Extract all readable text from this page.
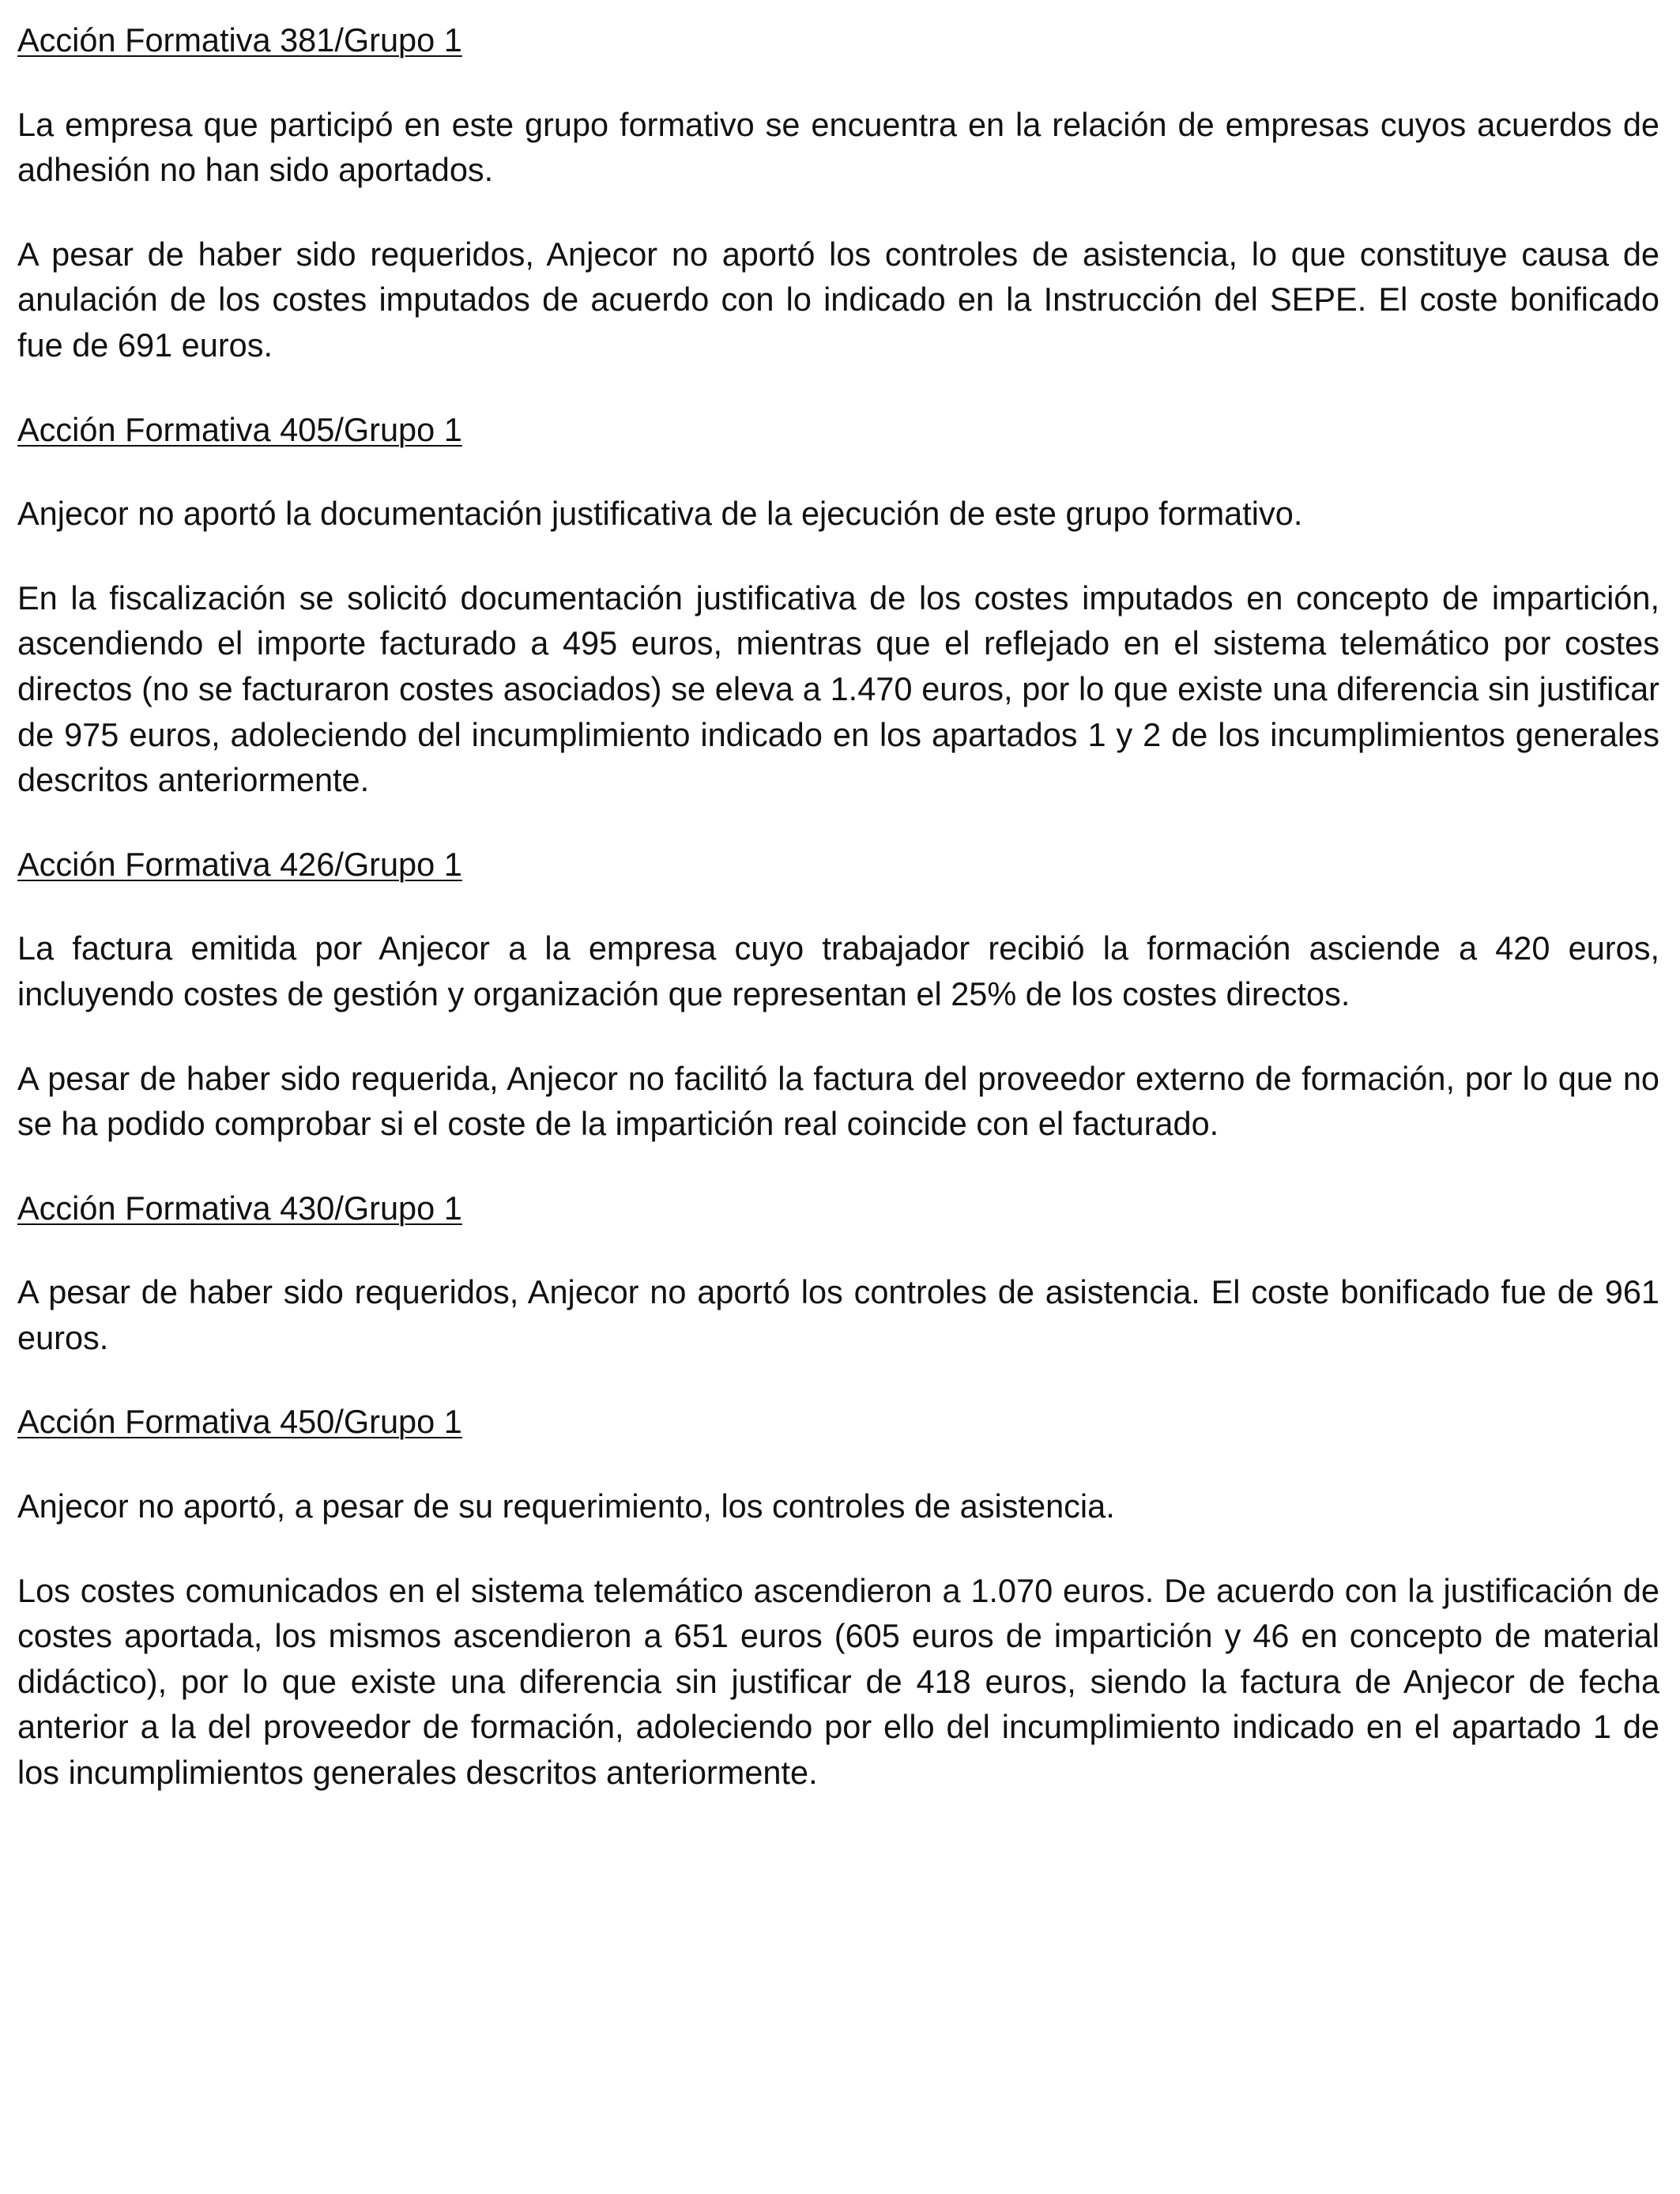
Acción Formativa 381/Grupo 1

La empresa que participó en este grupo formativo se encuentra en la relación de empresas cuyos acuerdos de adhesión no han sido aportados.

A pesar de haber sido requeridos, Anjecor no aportó los controles de asistencia, lo que constituye causa de anulación de los costes imputados de acuerdo con lo indicado en la Instrucción del SEPE. El coste bonificado fue de 691 euros.

Acción Formativa 405/Grupo 1

Anjecor no aportó la documentación justificativa de la ejecución de este grupo formativo.

En la fiscalización se solicitó documentación justificativa de los costes imputados en concepto de impartición, ascendiendo el importe facturado a 495 euros, mientras que el reflejado en el sistema telemático por costes directos (no se facturaron costes asociados) se eleva a 1.470 euros, por lo que existe una diferencia sin justificar de 975 euros, adoleciendo del incumplimiento indicado en los apartados 1 y 2 de los incumplimientos generales descritos anteriormente.

Acción Formativa 426/Grupo 1

La factura emitida por Anjecor a la empresa cuyo trabajador recibió la formación asciende a 420 euros, incluyendo costes de gestión y organización que representan el 25% de los costes directos.

A pesar de haber sido requerida, Anjecor no facilitó la factura del proveedor externo de formación, por lo que no se ha podido comprobar si el coste de la impartición real coincide con el facturado.

Acción Formativa 430/Grupo 1

A pesar de haber sido requeridos, Anjecor no aportó los controles de asistencia. El coste bonificado fue de 961 euros.

Acción Formativa 450/Grupo 1

Anjecor no aportó, a pesar de su requerimiento, los controles de asistencia.

Los costes comunicados en el sistema telemático ascendieron a 1.070 euros. De acuerdo con la justificación de costes aportada, los mismos ascendieron a 651 euros (605 euros de impartición y 46 en concepto de material didáctico), por lo que existe una diferencia sin justificar de 418 euros, siendo la factura de Anjecor de fecha anterior a la del proveedor de formación, adoleciendo por ello del incumplimiento indicado en el apartado 1 de los incumplimientos generales descritos anteriormente.
